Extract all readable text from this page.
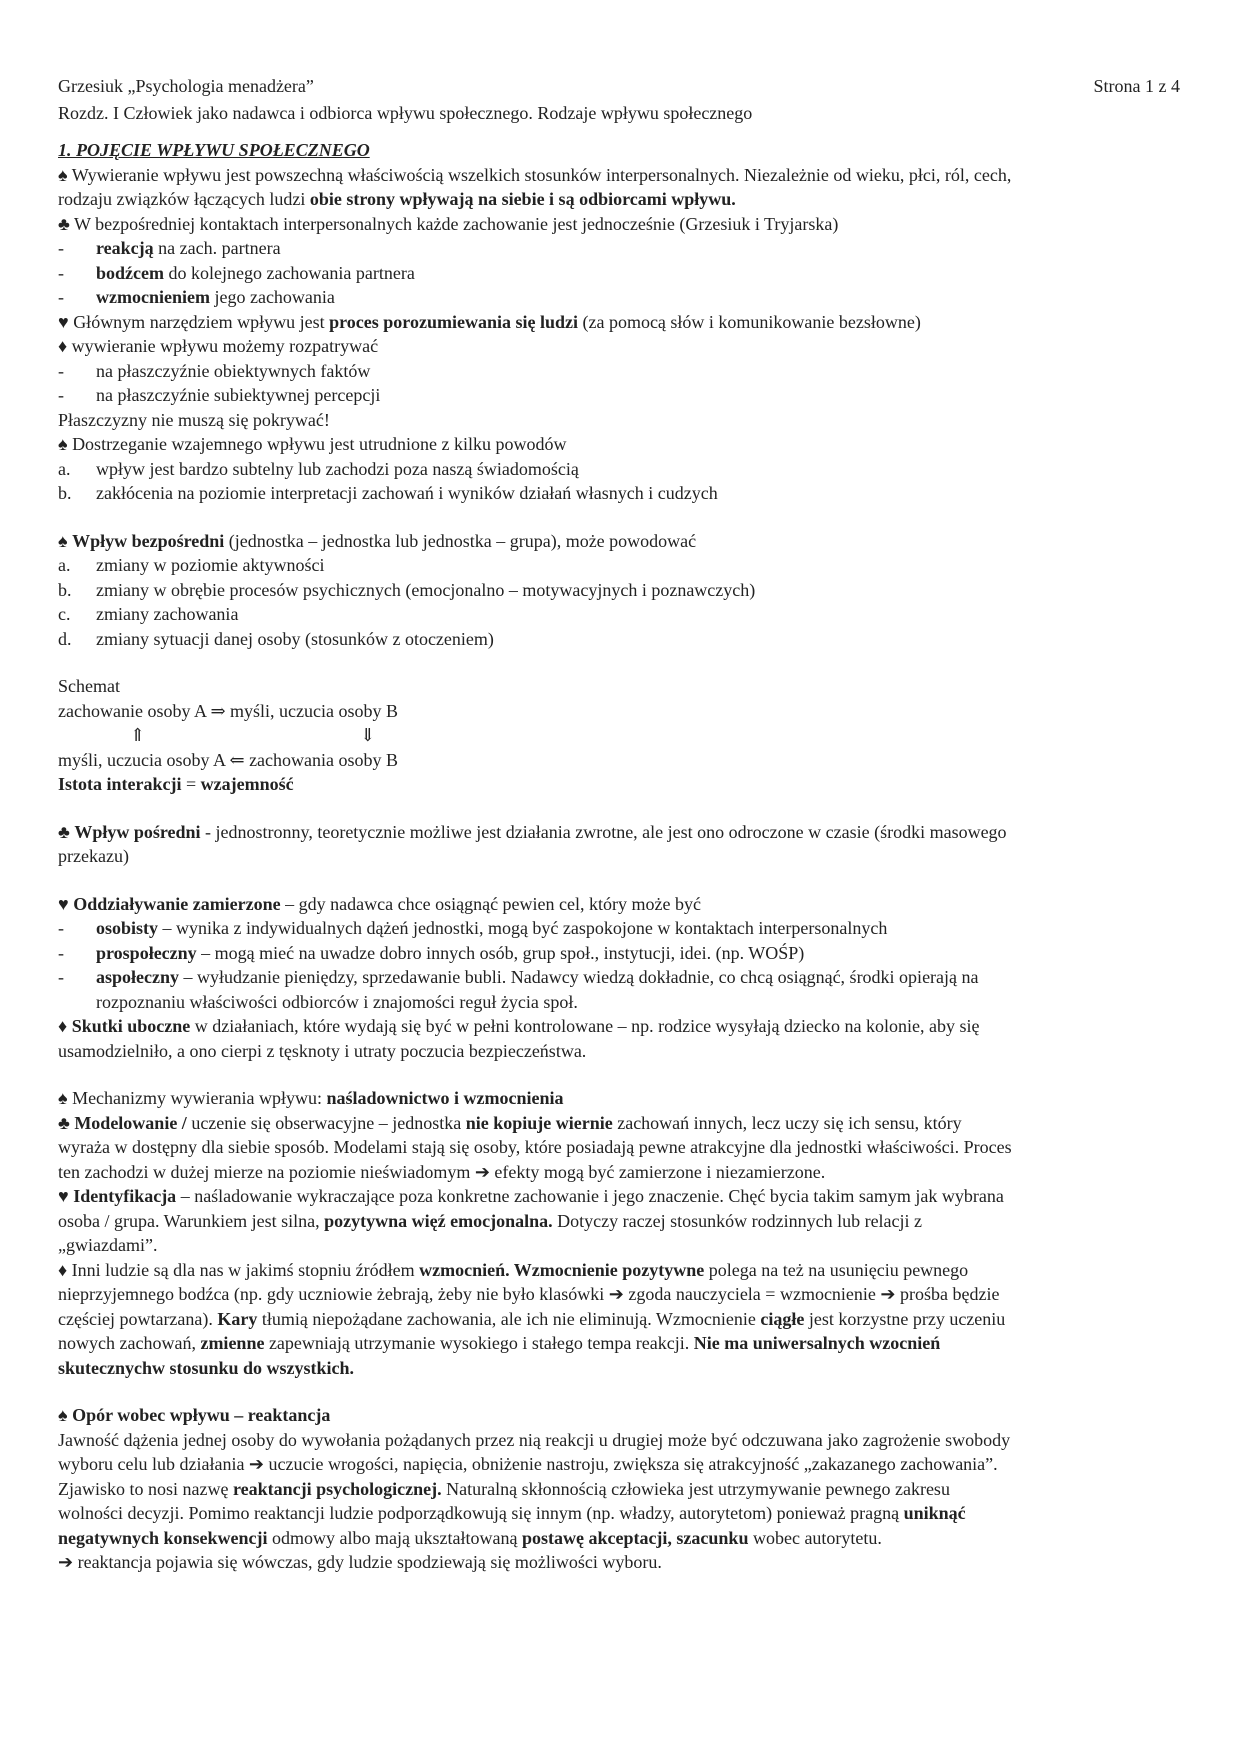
Grzesiuk „Psychologia menadżera”	Strona 1 z 4
Rozdz. I Człowiek jako nadawca i odbiorca wpływu społecznego. Rodzaje wpływu społecznego
1. POJĘCIE WPŁYWU SPOŁECZNEGO
♠ Wywieranie wpływu jest powszechną właściwością wszelkich stosunków interpersonalnych. Niezależnie od wieku, płci, ról, cech,
rodzaju związków łączących ludzi obie strony wpływają na siebie i są odbiorcami wpływu.
♣ W bezpośredniej kontaktach interpersonalnych każde zachowanie jest jednocześnie (Grzesiuk i Tryjarska)
- reakcją na zach. partnera
- bodźcem do kolejnego zachowania partnera
- wzmocnieniem jego zachowania
♥ Głównym narzędziem wpływu jest proces porozumiewania się ludzi (za pomocą słów i komunikowanie bezsłowne)
♦ wywieranie wpływu możemy rozpatrywać
- na płaszczyźnie obiektywnych faktów
- na płaszczyźnie subiektywnej percepcji
Płaszczyzny nie muszą się pokrywać!
♠ Dostrzeganie wzajemnego wpływu jest utrudnione z kilku powodów
a. wpływ jest bardzo subtelny lub zachodzi poza naszą świadomością
b. zakłócenia na poziomie interpretacji zachowań i wyników działań własnych i cudzych
♠ Wpływ bezpośredni (jednostka – jednostka lub jednostka – grupa), może powodować
a. zmiany w poziomie aktywności
b. zmiany w obrębie procesów psychicznych (emocjonalno – motywacyjnych i poznawczych)
c. zmiany zachowania
d. zmiany sytuacji danej osoby (stosunków z otoczeniem)
Schemat
zachowanie osoby A ⇒ myśli, uczucia osoby B
⇑	⇓
myśli, uczucia osoby A ⇐ zachowania osoby B
Istota interakcji = wzajemność
♣ Wpływ pośredni - jednostronny, teoretycznie możliwe jest działania zwrotne, ale jest ono odroczone w czasie (środki masowego
przekazu)
♥ Oddziaływanie zamierzone – gdy nadawca chce osiągnąć pewien cel, który może być
- osobisty – wynika z indywidualnych dążeń jednostki, mogą być zaspokojone w kontaktach interpersonalnych
- prospołeczny – mogą mieć na uwadze dobro innych osób, grup społ., instytucji, idei. (np. WOŚP)
- aspołeczny – wyłudzanie pieniędzy, sprzedawanie bubli. Nadawcy wiedzą dokładnie, co chcą osiągnąć, środki opierają na
rozpoznaniu właściwości odbiorców i znajomości reguł życia społ.
♦ Skutki uboczne w działaniach, które wydają się być w pełni kontrolowane – np. rodzice wysyłają dziecko na kolonie, aby się
usamodzielniło, a ono cierpi z tęsknoty i utraty poczucia bezpieczeństwa.
♠ Mechanizmy wywierania wpływu: naśladownictwo i wzmocnienia
♣ Modelowanie / uczenie się obserwacyjne – jednostka nie kopiuje wiernie zachowań innych, lecz uczy się ich sensu, który
wyraża w dostępny dla siebie sposób. Modelami stają się osoby, które posiadają pewne atrakcyjne dla jednostki właściwości. Proces
ten zachodzi w dużej mierze na poziomie nieświadomym ➔ efekty mogą być zamierzone i niezamierzone.
♥ Identyfikacja – naśladowanie wykraczające poza konkretne zachowanie i jego znaczenie. Chęć bycia takim samym jak wybrana
osoba / grupa. Warunkiem jest silna, pozytywna więź emocjonalna. Dotyczy raczej stosunków rodzinnych lub relacji z
„gwiazdami”.
♦ Inni ludzie są dla nas w jakimś stopniu źródłem wzmocnień. Wzmocnienie pozytywne polega na też na usunięciu pewnego
nieprzyjemnego bodźca (np. gdy uczniowie żebrają, żeby nie było klasówki ➔ zgoda nauczyciela = wzmocnienie ➔ prośba będzie
częściej powtarzana). Kary tłumią niepożądane zachowania, ale ich nie eliminują. Wzmocnienie ciągłe jest korzystne przy uczeniu
nowych zachowań, zmienne zapewniają utrzymanie wysokiego i stałego tempa reakcji. Nie ma uniwersalnych wzocnień
skutecznychw stosunku do wszystkich.
♠ Opór wobec wpływu – reaktancja
Jawność dążenia jednej osoby do wywołania pożądanych przez nią reakcji u drugiej może być odczuwana jako zagrożenie swobody
wyboru celu lub działania ➔ uczucie wrogości, napięcia, obniżenie nastroju, zwiększa się atrakcyjność „zakazanego zachowania”.
Zjawisko to nosi nazwę reaktancji psychologicznej. Naturalną skłonnością człowieka jest utrzymywanie pewnego zakresu
wolności decyzji. Pomimo reaktancji ludzie podporządkowują się innym (np. władzy, autorytetom) ponieważ pragną uniknąć
negatywnych konsekwencji odmowy albo mają ukształtowaną postawę akceptacji, szacunku wobec autorytetu.
➔ reaktancja pojawia się wówczas, gdy ludzie spodziewają się możliwości wyboru.
